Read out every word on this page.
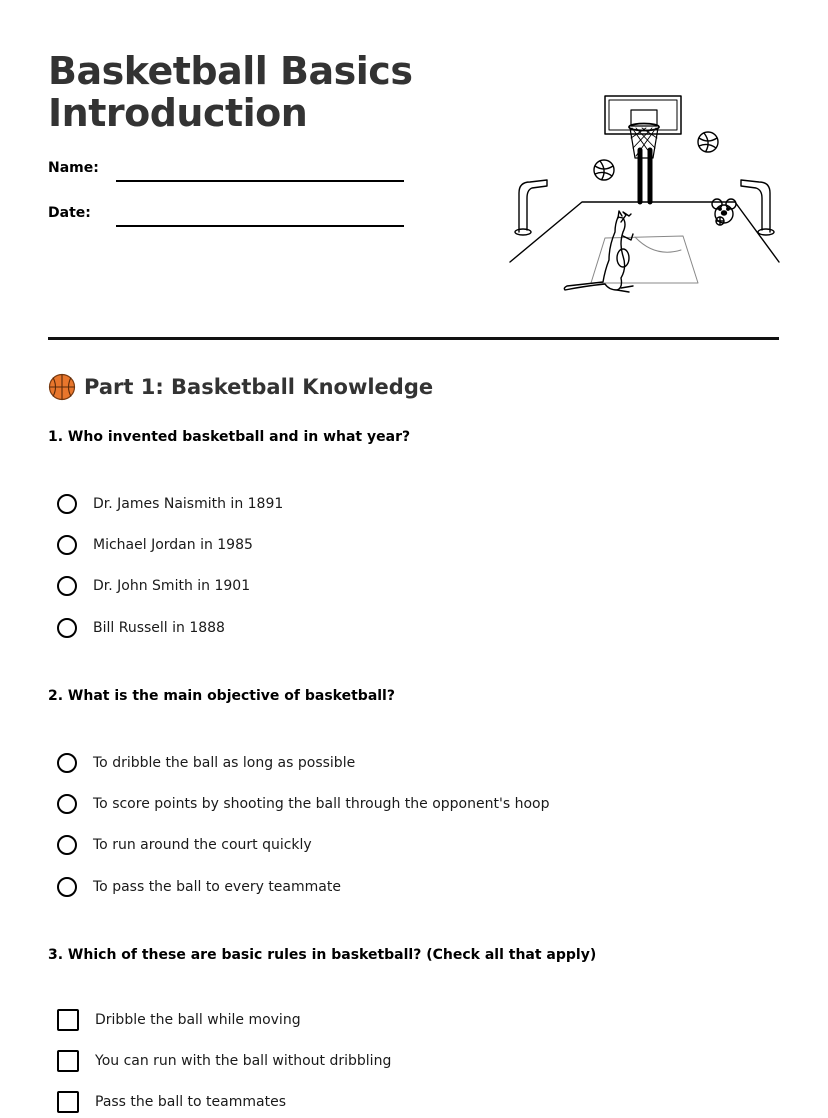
Basketball Basics
Introduction
Name:
Date:
Part 1: Basketball Knowledge

1. Who invented basketball and in what year?

Dr. James Naismith in 1891
Michael Jordan in 1985
Dr. John Smith in 1901
Bill Russell in 1888

2. What is the main objective of basketball?

To dribble the ball as long as possible
To score points by shooting the ball through the opponent's hoop
To run around the court quickly
To pass the ball to every teammate

3. Which of these are basic rules in basketball? (Check all that apply)

Dribble the ball while moving
You can run with the ball without dribbling
Pass the ball to teammates
